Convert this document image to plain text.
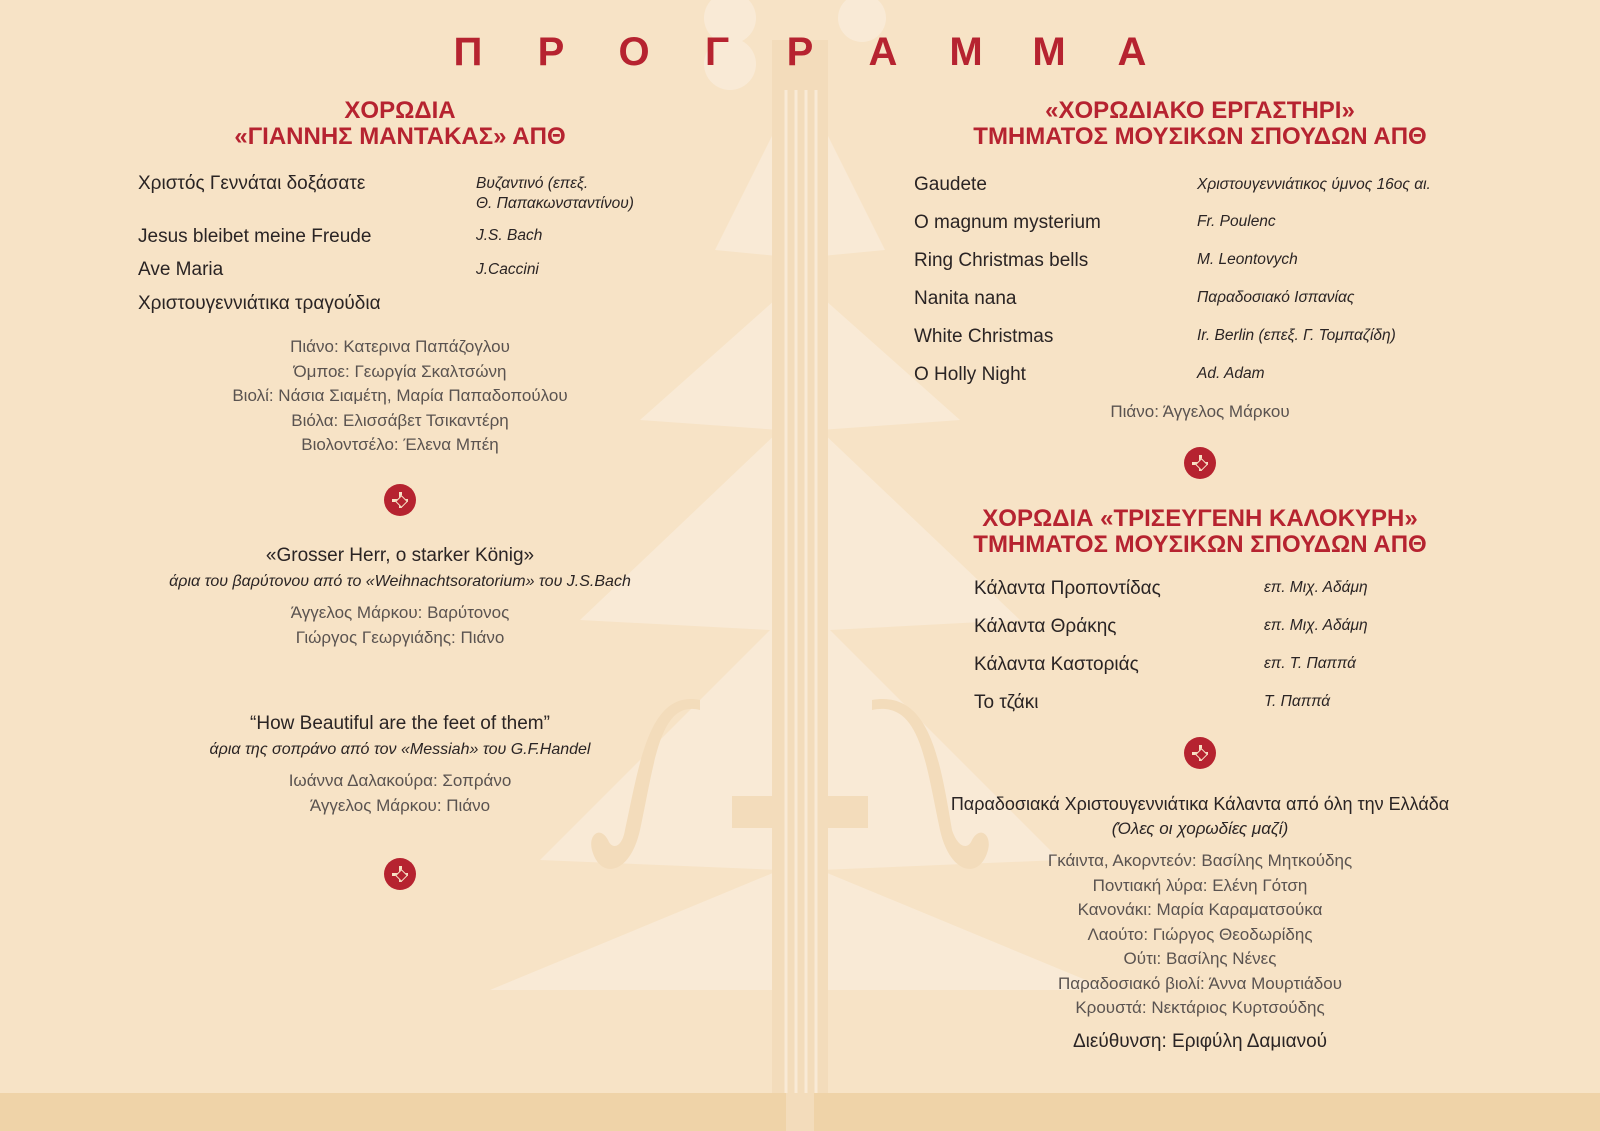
Π Ρ Ο Γ Ρ Α Μ Μ Α
ΧΟΡΩΔΙΑ
«ΓΙΑΝΝΗΣ ΜΑΝΤΑΚΑΣ» ΑΠΘ
Χριστός Γεννάται δοξάσατε	Βυζαντινό (επεξ.
Θ. Παπακωνσταντίνου)
Jesus bleibet meine Freude	J.S. Bach
Ave Maria	J.Caccini
Χριστουγεννιάτικα τραγούδια
Πιάνο: Κατερινα Παπάζογλου
Όμποε: Γεωργία Σκαλτσώνη
Βιολί: Νάσια Σιαμέτη, Μαρία Παπαδοπούλου
Βιόλα: Ελισσάβετ Τσικαντέρη
Βιολοντσέλο: Έλενα Μπέη
«Grosser Herr, o starker König»
άρια του βαρύτονου από το «Weihnachtsoratorium» του J.S.Bach
Άγγελος Μάρκου: Βαρύτονος
Γιώργος Γεωργιάδης: Πιάνο
“How Beautiful are the feet of them”
άρια της σοπράνο από τον «Messiah» του G.F.Handel
Ιωάννα Δαλακούρα: Σοπράνο
Άγγελος Μάρκου: Πιάνο
«ΧΟΡΩΔΙΑΚΟ ΕΡΓΑΣΤΗΡΙ»
ΤΜΗΜΑΤΟΣ ΜΟΥΣΙΚΩΝ ΣΠΟΥΔΩΝ ΑΠΘ
Gaudete	Χριστουγεννιάτικος ύμνος 16ος αι.
O magnum mysterium	Fr. Poulenc
Ring Christmas bells	M. Leontovych
Nanita nana	Παραδοσιακό Ισπανίας
White Christmas	Ir. Berlin (επεξ. Γ. Τομπαζίδη)
O Holly Night	Ad. Adam
Πιάνο: Άγγελος Μάρκου
ΧΟΡΩΔΙΑ «ΤΡΙΣΕΥΓΕΝΗ ΚΑΛΟΚΥΡΗ»
ΤΜΗΜΑΤΟΣ ΜΟΥΣΙΚΩΝ ΣΠΟΥΔΩΝ ΑΠΘ
Κάλαντα Προποντίδας	επ. Μιχ. Αδάμη
Κάλαντα Θράκης	επ. Μιχ. Αδάμη
Κάλαντα Καστοριάς	επ. Τ. Παππά
Το τζάκι	Τ. Παππά
Παραδοσιακά Χριστουγεννιάτικα Κάλαντα από όλη την Ελλάδα
(Όλες οι χορωδίες μαζί)
Γκάιντα, Ακορντεόν: Βασίλης Μητκούδης
Ποντιακή λύρα: Ελένη Γότση
Κανονάκι: Μαρία Καραματσούκα
Λαούτο: Γιώργος Θεοδωρίδης
Ούτι: Βασίλης Νένες
Παραδοσιακό βιολί: Άννα Μουρτιάδου
Κρουστά: Νεκτάριος Κυρτσούδης
Διεύθυνση: Εριφύλη Δαμιανού
